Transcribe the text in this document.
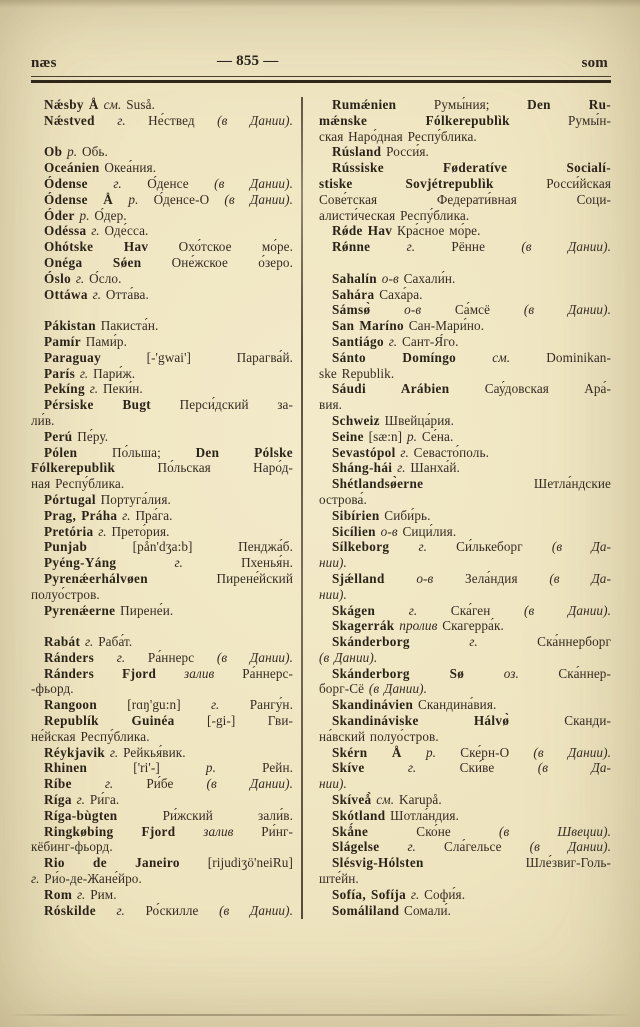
næs	— 855 —	som
Nǽsby Å см. Suså.
Nǽstved г. Не́ствед (в Дании).
Ob р. Обь.
Oceánien Океа́ния.
Ódense г. О́денсе (в Дании).
Ódense Å р. О́денсе-О (в Дании).
Óder р. О́дер.
Odéssa г. Оде́сса.
Ohótske Hav Охо́тское мо́ре.
Onéga Sǿen Оне́жское о́зеро.
Óslo г. О́сло.
Ottáwa г. Отта́ва.
Pákistan Пакиста́н.
Pamír Пами́р.
Paraguay [-'gwai'] Парагва́й.
París г. Пари́ж.
Pekíng г. Пеки́н.
Pérsiske Bugt Перси́дский за-
ли́в.
Perú Пе́ру.
Pólen По́льша; Den Pólske
Fólkerepublìk По́льская Наро́д-
ная Респу́блика.
Pórtugal Португа́лия.
Prag, Práha г. Пра́га.
Pretória г. Прето́рия.
Punjab [pån'dʒa:b] Пенджа́б.
Pyéng-Yáng г. Пхенья́н.
Pyrenǽerhálvøen Пирене́йский
полуо́стров.
Pyrenǽerne Пирене́и.
Rabát г. Раба́т.
Ránders г. Ра́ннерс (в Дании).
Ránders Fjord залив Ра́ннерс-
-фьорд.
Rangoon [rɑŋ'gu:n] г. Рангу́н.
Republík Guinéa [-gi-] Гви-
не́йская Респу́блика.
Réykjavik г. Рейкья́вик.
Rhinen ['ri'-] р. Рейн.
Ríbe г. Ри́бе (в Дании).
Ríga г. Ри́га.
Ríga-bùgten Ри́жский зали́в.
Ringkøbing Fjord залив Ри́нг-
кёбинг-фьорд.
Rio de Janeiro [rijudiʒö'neiRu]
г. Ри́о-де-Жане́йро.
Rom г. Рим.
Róskilde г. Ро́скилле (в Дании).
Rumǽnien Румы́ния; Den Ru-
mǽnske Fólkerepublìk Румы́н-
ская Наро́дная Респу́блика.
Rúsland Росси́я.
Rússiske Føderatíve Socialí-
stiske Sovjétrepublìk Росси́йская
Сове́тская Федерати́вная Соци-
алисти́ческая Респу́блика.
Rǿde Hav Кра́сное мо́ре.
Rǿnne г. Рённе (в Дании).
Sahalín о-в Сахали́н.
Sahára Саха́ра.
Sámsø̀ о-в Са́мсё (в Дании).
San Maríno Сан-Мари́но.
Santiágo г. Сант-Я́го.
Sánto Domíngo см. Dominikan-
ske Republik.
Sáudi Arábien Сау́довская Ара́-
вия.
Schweiz Швейца́рия.
Seine [sæ:n] р. Се́на.
Sevastópol г. Севасто́поль.
Sháng-hái г. Шанха́й.
Shétlandsø̀erne Шетла́ндские
острова́.
Sibírien Сиби́рь.
Sicílien о-в Сици́лия.
Sílkeborg г. Си́лькеборг (в Да-
нии).
Sjǽlland о-в Зела́ндия (в Да-
нии).
Skágen г. Ска́ген (в Дании).
Skagerrák пролив Скагерра́к.
Skánderborg г. Ска́ннерборг
(в Дании).
Skánderborg Sø оз. Ска́ннер-
борг-Сё (в Дании).
Skandinávien Скандина́вия.
Skandináviske Hálvø̀ Сканди-
на́вский полуо́стров.
Skérn Å р. Ске́рн-О (в Дании).
Skíve г. Ски́ве (в Да-
нии).
Skíveå̀ см. Karupå.
Skótland Шотла́ндия.
Skǻne Ско́не (в Швеции).
Slágelse г. Сла́гельсе (в Дании).
Slésvig-Hólsten Шле́звиг-Голь-
ште́йн.
Sofía, Sofíja г. Софи́я.
Somáliland Сомали́.
